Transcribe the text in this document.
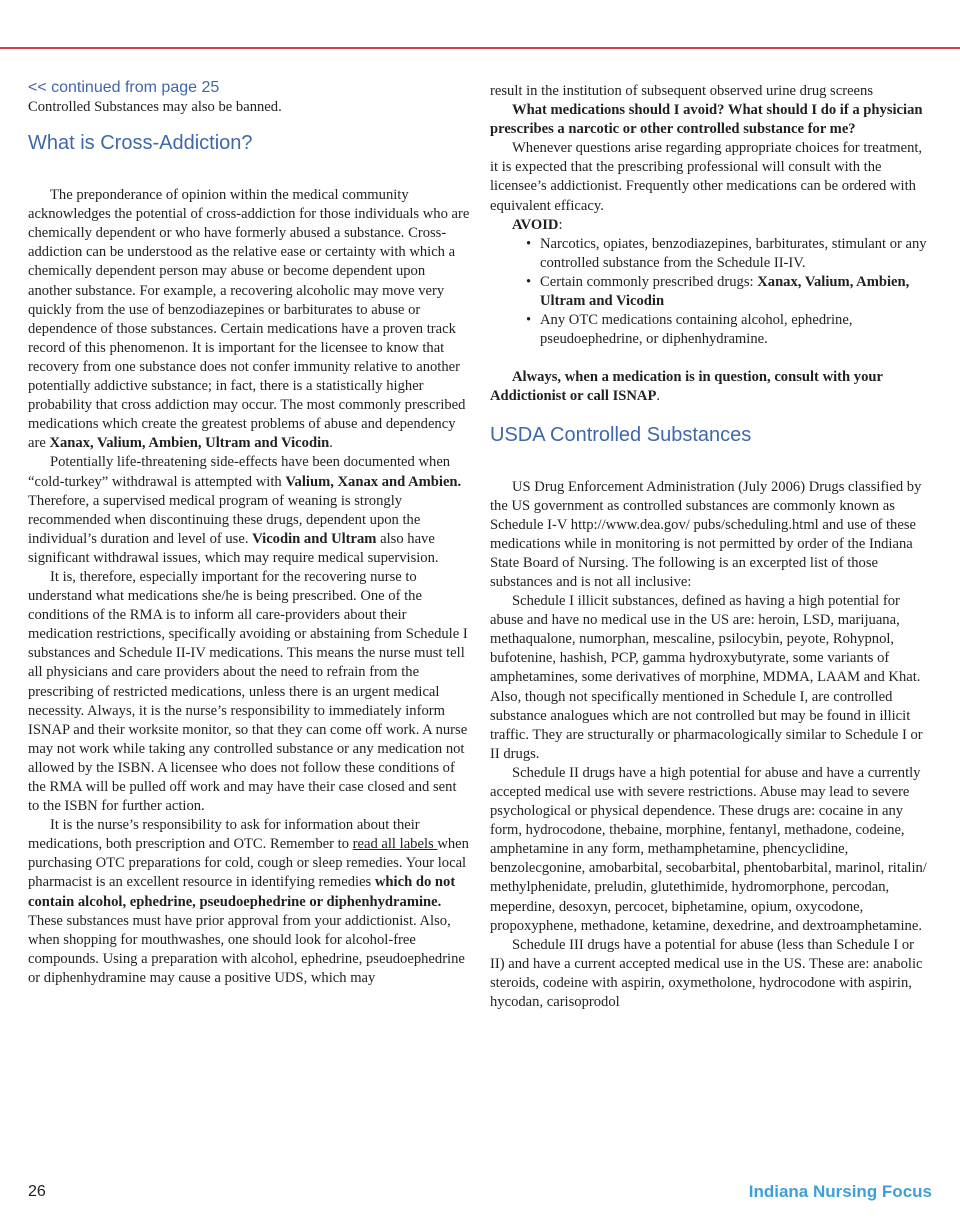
<< continued from page 25

Controlled Substances may also be banned.

What is Cross-Addiction?

The preponderance of opinion within the medical community acknowledges the potential of cross-addiction for those individuals who are chemically dependent or who have formerly abused a substance. Cross-addiction can be understood as the relative ease or certainty with which a chemically dependent person may abuse or become dependent upon another substance. For example, a recovering alcoholic may move very quickly from the use of benzodiazepines or barbiturates to abuse or dependence of those substances. Certain medications have a proven track record of this phenomenon. It is important for the licensee to know that recovery from one substance does not confer immunity relative to another potentially addictive substance; in fact, there is a statistically higher probability that cross addiction may occur. The most commonly prescribed medications which create the greatest problems of abuse and dependency are Xanax, Valium, Ambien, Ultram and Vicodin.

Potentially life-threatening side-effects have been documented when “cold-turkey” withdrawal is attempted with Valium, Xanax and Ambien. Therefore, a supervised medical program of weaning is strongly recommended when discontinuing these drugs, dependent upon the individual’s duration and level of use. Vicodin and Ultram also have significant withdrawal issues, which may require medical supervision.

It is, therefore, especially important for the recovering nurse to understand what medications she/he is being prescribed. One of the conditions of the RMA is to inform all care-providers about their medication restrictions, specifically avoiding or abstaining from Schedule I substances and Schedule II-IV medications. This means the nurse must tell all physicians and care providers about the need to refrain from the prescribing of restricted medications, unless there is an urgent medical necessity. Always, it is the nurse’s responsibility to immediately inform ISNAP and their worksite monitor, so that they can come off work. A nurse may not work while taking any controlled substance or any medication not allowed by the ISBN. A licensee who does not follow these conditions of the RMA will be pulled off work and may have their case closed and sent to the ISBN for further action.

It is the nurse’s responsibility to ask for information about their medications, both prescription and OTC. Remember to read all labels when purchasing OTC preparations for cold, cough or sleep remedies. Your local pharmacist is an excellent resource in identifying remedies which do not contain alcohol, ephedrine, pseudoephedrine or diphenhydramine. These substances must have prior approval from your addictionist. Also, when shopping for mouthwashes, one should look for alcohol-free compounds. Using a preparation with alcohol, ephedrine, pseudoephedrine or diphenhydramine may cause a positive UDS, which may

result in the institution of subsequent observed urine drug screens

What medications should I avoid? What should I do if a physician prescribes a narcotic or other controlled substance for me?

Whenever questions arise regarding appropriate choices for treatment, it is expected that the prescribing professional will consult with the licensee’s addictionist. Frequently other medications can be ordered with equivalent efficacy.

AVOID:

• Narcotics, opiates, benzodiazepines, barbiturates, stimulant or any controlled substance from the Schedule II-IV.
• Certain commonly prescribed drugs: Xanax, Valium, Ambien, Ultram and Vicodin
• Any OTC medications containing alcohol, ephedrine, pseudoephedrine, or diphenhydramine.

Always, when a medication is in question, consult with your Addictionist or call ISNAP.

USDA Controlled Substances

US Drug Enforcement Administration (July 2006) Drugs classified by the US government as controlled substances are commonly known as Schedule I-V http://www.dea.gov/ pubs/scheduling.html and use of these medications while in monitoring is not permitted by order of the Indiana State Board of Nursing. The following is an excerpted list of those substances and is not all inclusive:

Schedule I illicit substances, defined as having a high potential for abuse and have no medical use in the US are: heroin, LSD, marijuana, methaqualone, numorphan, mescaline, psilocybin, peyote, Rohypnol, bufotenine, hashish, PCP, gamma hydroxybutyrate, some variants of amphetamines, some derivatives of morphine, MDMA, LAAM and Khat. Also, though not specifically mentioned in Schedule I, are controlled substance analogues which are not controlled but may be found in illicit traffic. They are structurally or pharmacologically similar to Schedule I or II drugs.

Schedule II drugs have a high potential for abuse and have a currently accepted medical use with severe restrictions. Abuse may lead to severe psychological or physical dependence. These drugs are: cocaine in any form, hydrocodone, thebaine, morphine, fentanyl, methadone, codeine, amphetamine in any form, methamphetamine, phencyclidine, benzolecgonine, amobarbital, secobarbital, phentobarbital, marinol, ritalin/ methylphenidate, preludin, glutethimide, hydromorphone, percodan, meperdine, desoxyn, percocet, biphetamine, opium, oxycodone, propoxyphene, methadone, ketamine, dexedrine, and dextroamphetamine.

Schedule III drugs have a potential for abuse (less than Schedule I or II) and have a current accepted medical use in the US. These are: anabolic steroids, codeine with aspirin, oxymetholone, hydrocodone with aspirin, hycodan, carisoprodol

26	Indiana Nursing Focus
